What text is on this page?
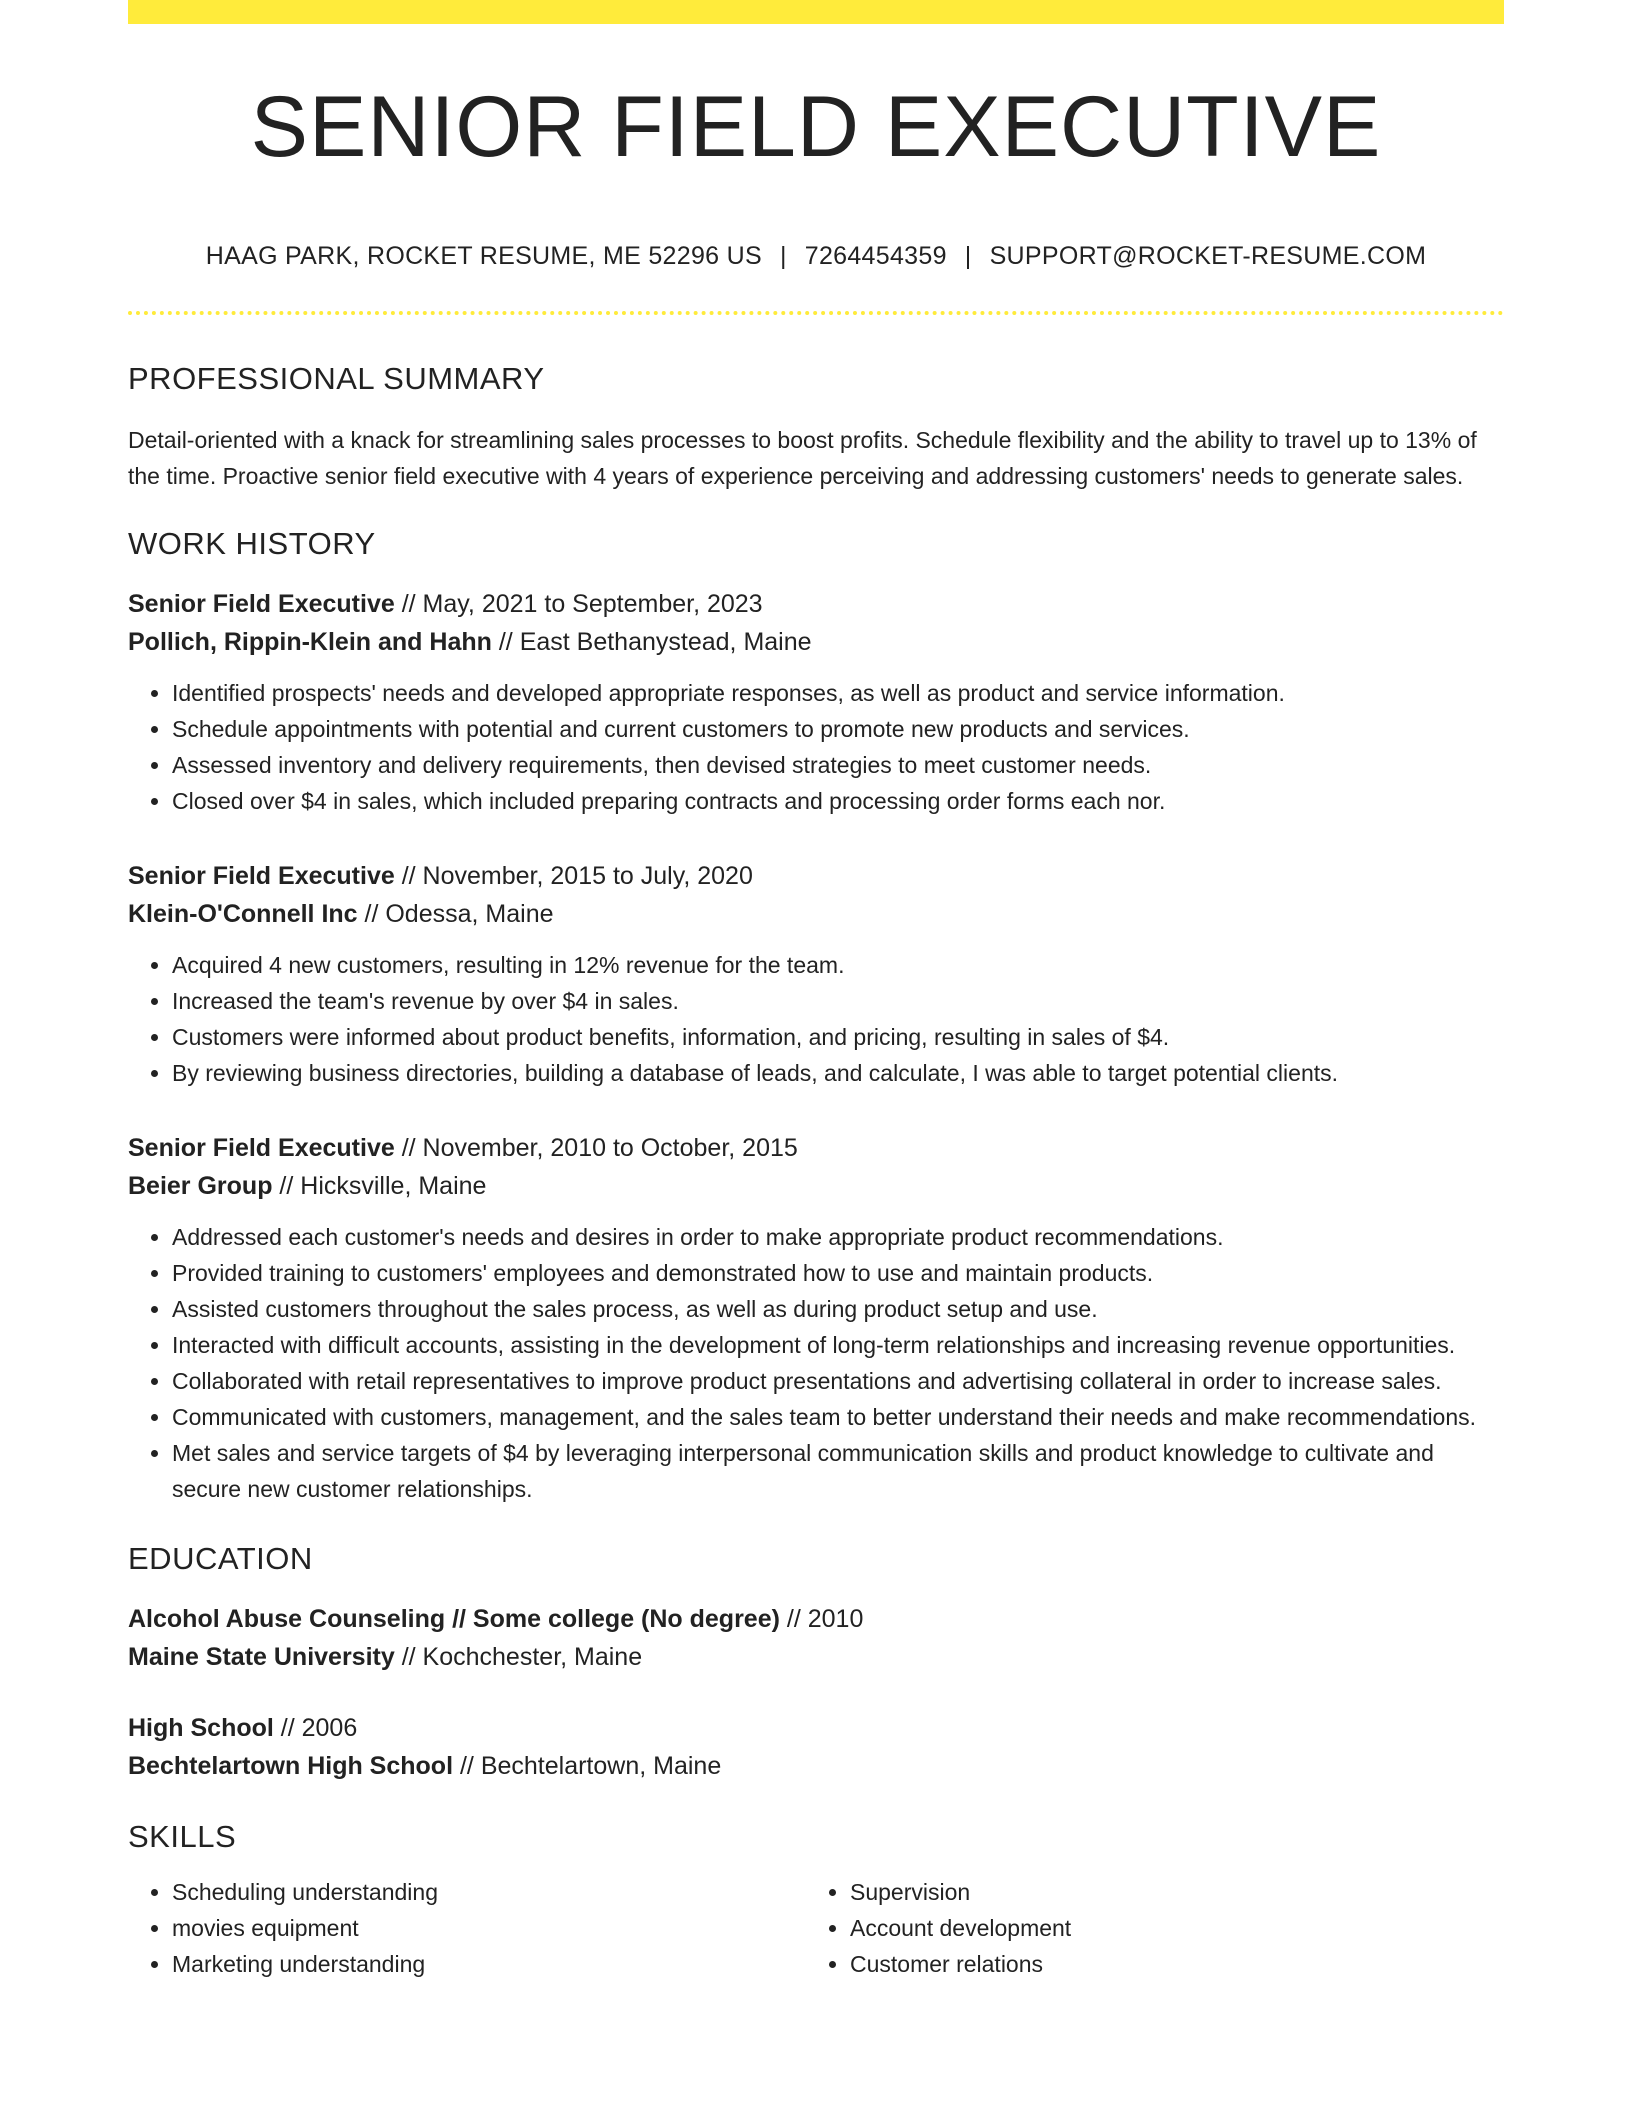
SENIOR FIELD EXECUTIVE
HAAG PARK, ROCKET RESUME, ME 52296 US | 7264454359 | SUPPORT@ROCKET-RESUME.COM
PROFESSIONAL SUMMARY

Detail-oriented with a knack for streamlining sales processes to boost profits. Schedule flexibility and the ability to travel up to 13% of the time. Proactive senior field executive with 4 years of experience perceiving and addressing customers' needs to generate sales.

WORK HISTORY
Senior Field Executive // May, 2021 to September, 2023
Pollich, Rippin-Klein and Hahn // East Bethanystead, Maine
• Identified prospects' needs and developed appropriate responses, as well as product and service information.
• Schedule appointments with potential and current customers to promote new products and services.
• Assessed inventory and delivery requirements, then devised strategies to meet customer needs.
• Closed over $4 in sales, which included preparing contracts and processing order forms each nor.
Senior Field Executive // November, 2015 to July, 2020
Klein-O'Connell Inc // Odessa, Maine
• Acquired 4 new customers, resulting in 12% revenue for the team.
• Increased the team's revenue by over $4 in sales.
• Customers were informed about product benefits, information, and pricing, resulting in sales of $4.
• By reviewing business directories, building a database of leads, and calculate, I was able to target potential clients.
Senior Field Executive // November, 2010 to October, 2015
Beier Group // Hicksville, Maine
• Addressed each customer's needs and desires in order to make appropriate product recommendations.
• Provided training to customers' employees and demonstrated how to use and maintain products.
• Assisted customers throughout the sales process, as well as during product setup and use.
• Interacted with difficult accounts, assisting in the development of long-term relationships and increasing revenue opportunities.
• Collaborated with retail representatives to improve product presentations and advertising collateral in order to increase sales.
• Communicated with customers, management, and the sales team to better understand their needs and make recommendations.
• Met sales and service targets of $4 by leveraging interpersonal communication skills and product knowledge to cultivate and secure new customer relationships.
EDUCATION
Alcohol Abuse Counseling // Some college (No degree) // 2010
Maine State University // Kochchester, Maine
High School // 2006
Bechtelartown High School // Bechtelartown, Maine
SKILLS
• Scheduling understanding
• movies equipment
• Marketing understanding
• Supervision
• Account development
• Customer relations
